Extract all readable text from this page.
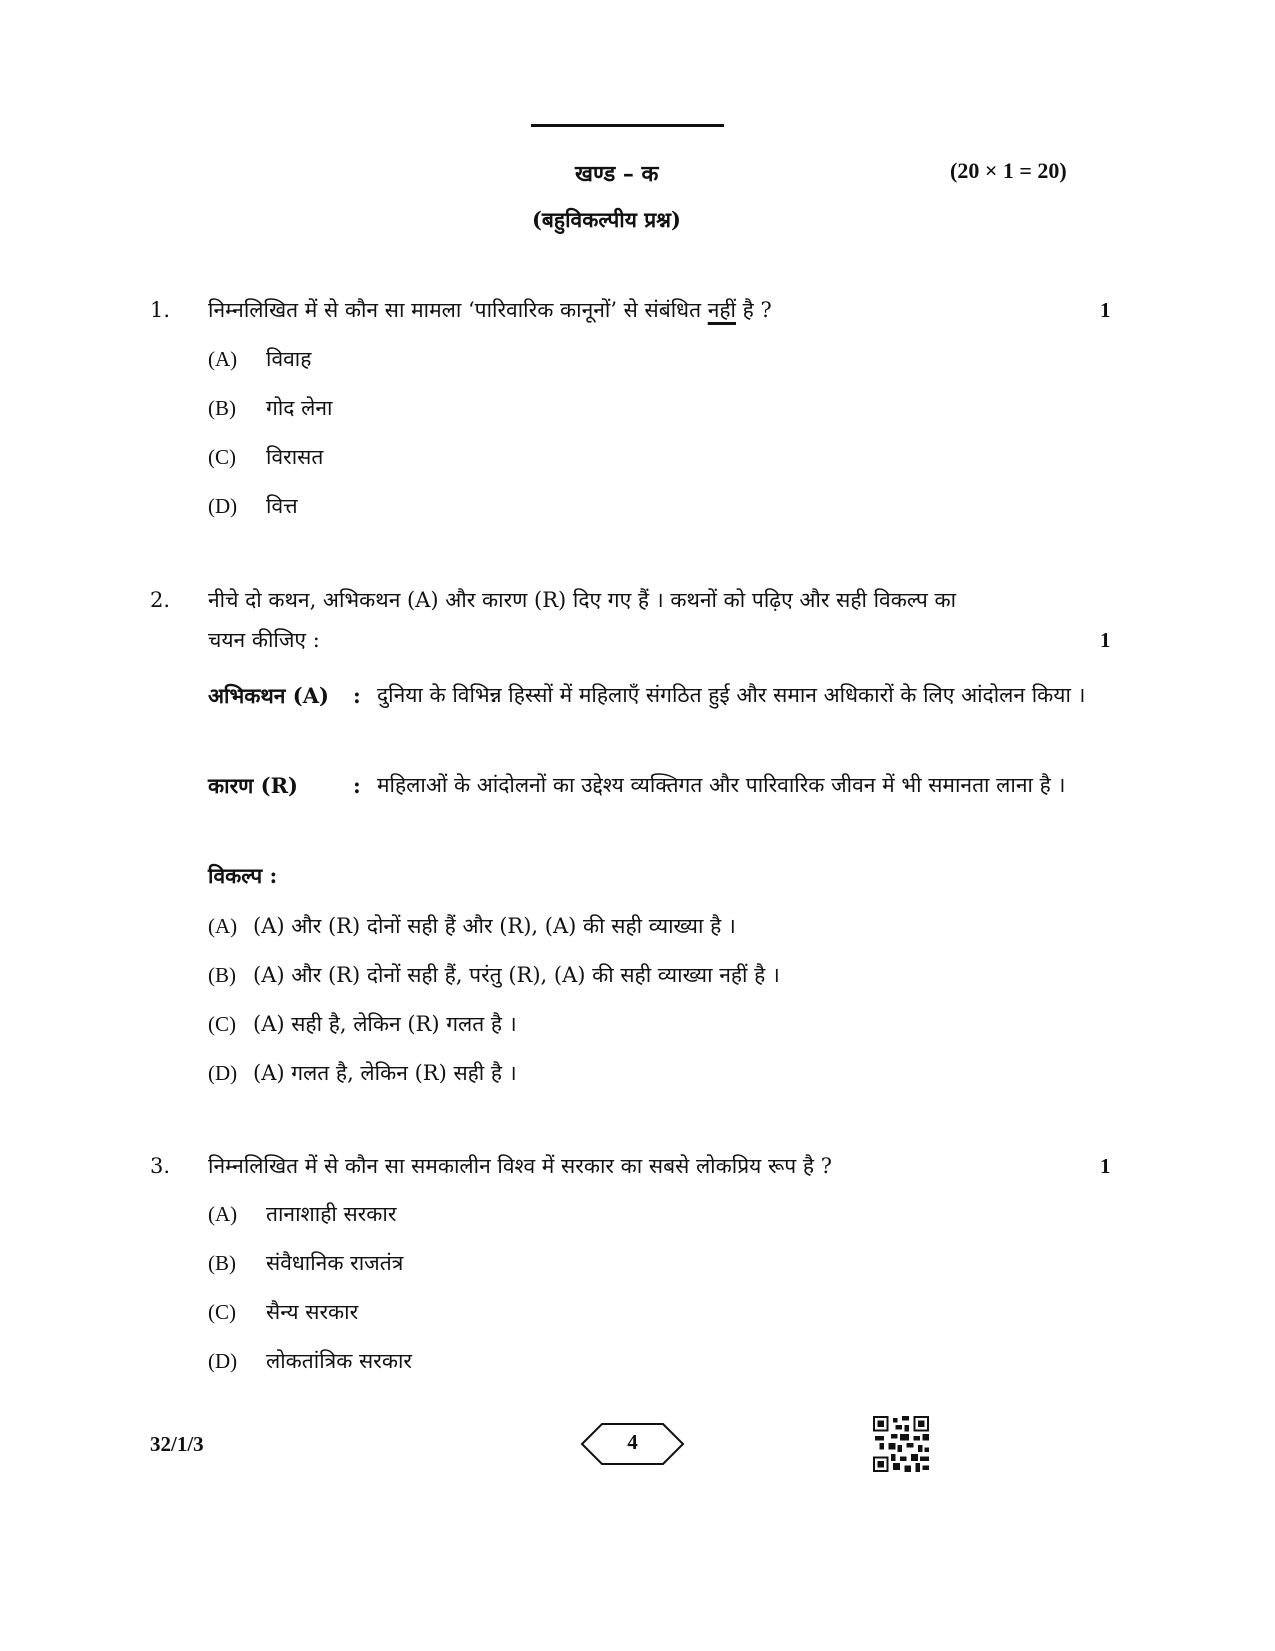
खण्ड – क	(20 × 1 = 20)
(बहुविकल्पीय प्रश्न)
1. निम्नलिखित में से कौन सा मामला ‘पारिवारिक कानूनों’ से संबंधित नहीं है ?	1
(A) विवाह
(B) गोद लेना
(C) विरासत
(D) वित्त
2. नीचे दो कथन, अभिकथन (A) और कारण (R) दिए गए हैं । कथनों को पढ़िए और सही विकल्प का
चयन कीजिए :	1
अभिकथन (A) : दुनिया के विभिन्न हिस्सों में महिलाएँ संगठित हुई और समान अधिकारों के लिए आंदोलन किया ।
कारण (R)	: महिलाओं के आंदोलनों का उद्देश्य व्यक्तिगत और पारिवारिक जीवन में भी समानता लाना है ।
विकल्प :
(A) (A) और (R) दोनों सही हैं और (R), (A) की सही व्याख्या है ।
(B) (A) और (R) दोनों सही हैं, परंतु (R), (A) की सही व्याख्या नहीं है ।
(C) (A) सही है, लेकिन (R) गलत है ।
(D) (A) गलत है, लेकिन (R) सही है ।
3. निम्नलिखित में से कौन सा समकालीन विश्व में सरकार का सबसे लोकप्रिय रूप है ?	1
(A) तानाशाही सरकार
(B) संवैधानिक राजतंत्र
(C) सैन्य सरकार
(D) लोकतांत्रिक सरकार
32/1/3	4
